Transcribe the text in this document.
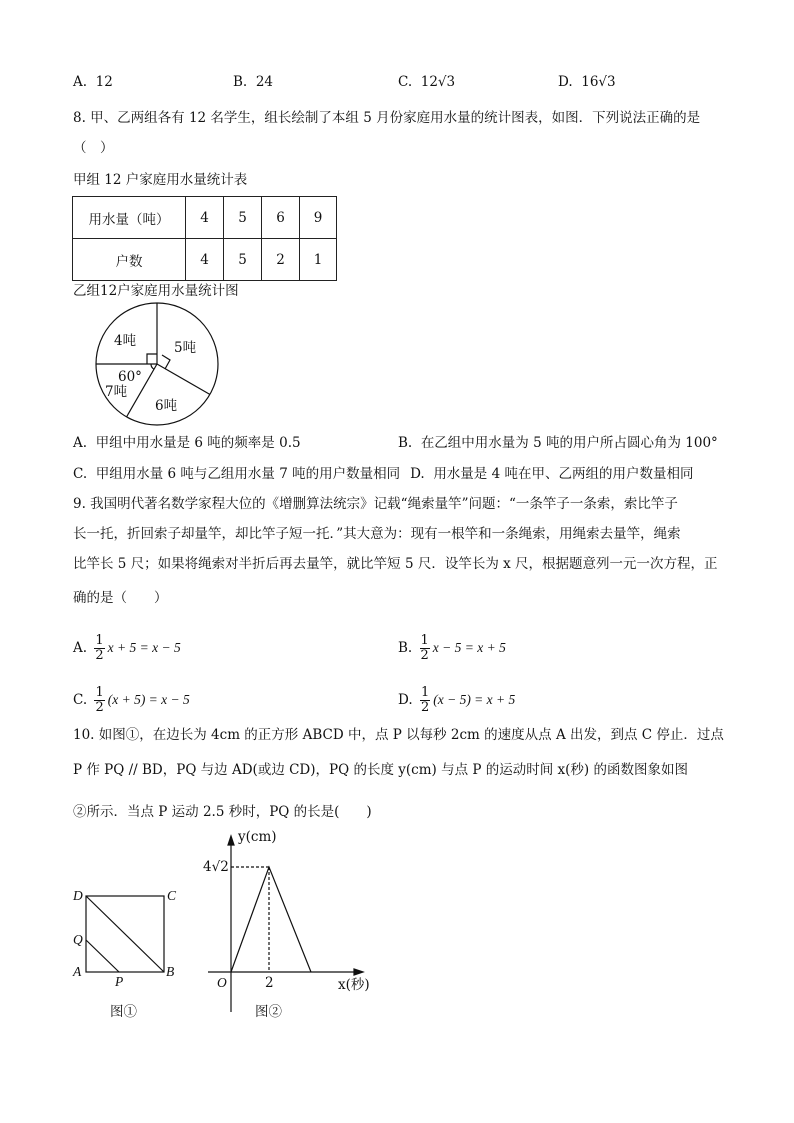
A. 12	B. 24	C. 12√3	D. 16√3
8. 甲、乙两组各有 12 名学生，组长绘制了本组 5 月份家庭用水量的统计图表，如图．下列说法正确的是
（　）
甲组 12 户家庭用水量统计表
用水量（吨）	4	5	6	9
户数	4	5	2	1
乙组12户家庭用水量统计图
4吨	5吨
60°
7吨
6吨
A. 甲组中用水量是 6 吨的频率是 0.5	B. 在乙组中用水量为 5 吨的用户所占圆心角为 100°
C. 甲组用水量 6 吨与乙组用水量 7 吨的用户数量相同 D. 用水量是 4 吨在甲、乙两组的用户数量相同
9. 我国明代著名数学家程大位的《增删算法统宗》记载“绳索量竿”问题：“一条竿子一条索，索比竿子
长一托，折回索子却量竿，却比竿子短一托．”其大意为：现有一根竿和一条绳索，用绳索去量竿，绳索
比竿长 5 尺；如果将绳索对半折后再去量竿，就比竿短 5 尺．设竿长为 x 尺，根据题意列一元一次方程，正
确的是（　　）
A. $\frac{1}{2}$ x + 5 = x − 5	B. $\frac{1}{2}$ x − 5 = x + 5
C. $\frac{1}{2} (x + 5) = x - 5$	D. $\frac{1}{2} (x - 5) = x + 5$
10. 如图①，在边长为 4cm 的正方形 ABCD 中，点 P 以每秒 2cm 的速度从点 A 出发，到点 C 停止．过点
P 作 PQ // BD，PQ 与边 AD(或边 CD)，PQ 的长度 y(cm) 与点 P 的运动时间 x(秒) 的函数图象如图
②所示．当点 P 运动 2.5 秒时，PQ 的长是(　　)
D	C
Q
A
P
B
图①
y(cm)
4√2
O	2	x(秒)
图②
